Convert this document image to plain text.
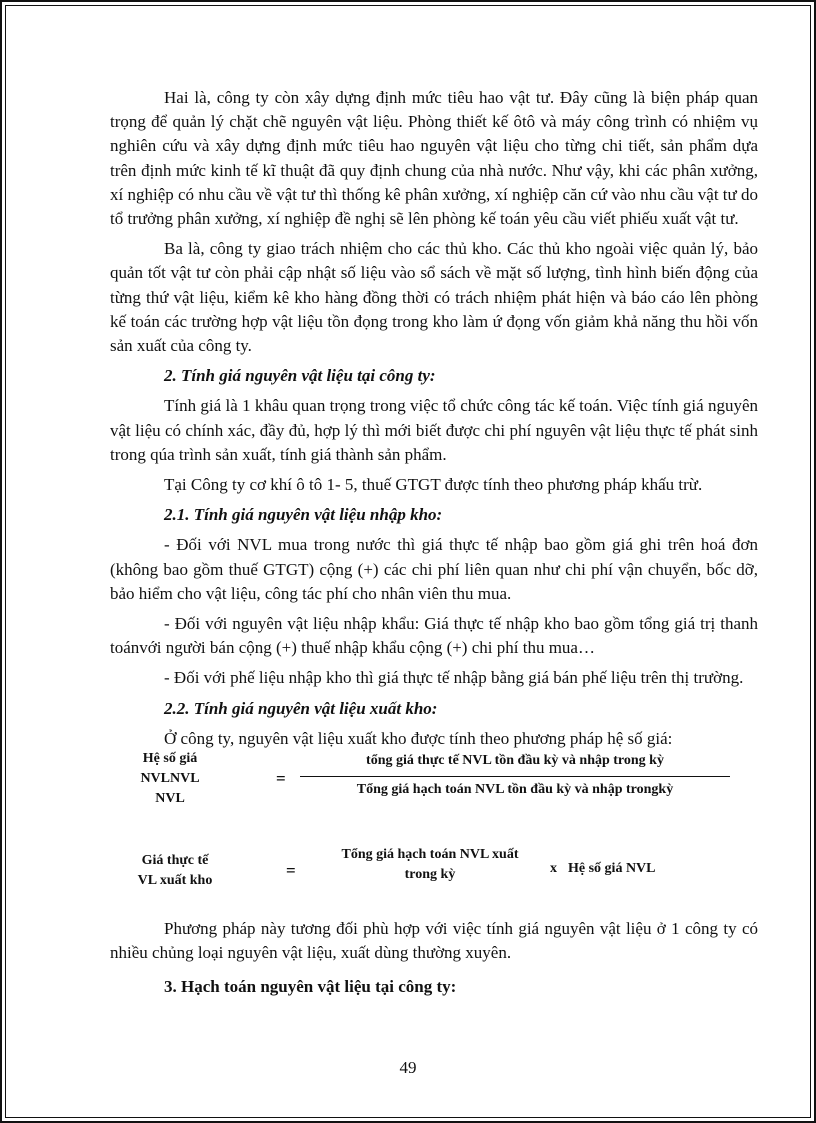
Hai là, công ty còn xây dựng định mức tiêu hao vật tư. Đây cũng là biện pháp quan trọng để quản lý chặt chẽ nguyên vật liệu. Phòng thiết kế ôtô và máy công trình có nhiệm vụ nghiên cứu và xây dựng định mức tiêu hao nguyên vật liệu cho từng chi tiết, sản phẩm dựa trên định mức kinh tế kĩ thuật đã quy định chung của nhà nước. Như vậy, khi các phân xưởng, xí nghiệp có nhu cầu về vật tư thì thống kê phân xưởng, xí nghiệp căn cứ vào nhu cầu vật tư do tổ trưởng phân xưởng, xí nghiệp đề nghị sẽ lên phòng kế toán yêu cầu viết phiếu xuất vật tư.

Ba là, công ty giao trách nhiệm cho các thủ kho. Các thủ kho ngoài việc quản lý, bảo quản tốt vật tư còn phải cập nhật số liệu vào sổ sách về mặt số lượng, tình hình biến động của từng thứ vật liệu, kiểm kê kho hàng đồng thời có trách nhiệm phát hiện và báo cáo lên phòng kế toán các trường hợp vật liệu tồn đọng trong kho làm ứ đọng vốn giảm khả năng thu hồi vốn sản xuất của công ty.

2. Tính giá nguyên vật liệu tại công ty:

Tính giá là 1 khâu quan trọng trong việc tổ chức công tác kế toán. Việc tính giá nguyên vật liệu có chính xác, đầy đủ, hợp lý thì mới biết được chi phí nguyên vật liệu thực tế phát sinh trong qúa trình sản xuất, tính giá thành sản phẩm.

Tại Công ty cơ khí ô tô 1- 5, thuế GTGT được tính theo phương pháp khấu trừ.

2.1. Tính giá nguyên vật liệu nhập kho:

- Đối với NVL mua trong nước thì giá thực tế nhập bao gồm giá ghi trên hoá đơn (không bao gồm thuế GTGT) cộng (+) các chi phí liên quan như chi phí vận chuyển, bốc dỡ, bảo hiểm cho vật liệu, công tác phí cho nhân viên thu mua.

- Đối với nguyên vật liệu nhập khẩu: Giá thực tế nhập kho bao gồm tổng giá trị thanh toánvới người bán cộng (+) thuế nhập khẩu cộng (+) chi phí thu mua…

- Đối với phế liệu nhập kho thì giá thực tế nhập bằng giá bán phế liệu trên thị trường.

2.2. Tính giá nguyên vật liệu xuất kho:

Ở công ty, nguyên vật liệu xuất kho được tính theo phương pháp hệ số giá:

Hệ số giá
NVLNVL
NVL
=
tổng giá thực tế NVL tồn đầu kỳ và nhập trong kỳ
Tổng giá hạch toán NVL tồn đầu kỳ và nhập trongkỳ
Giá thực tế
VL xuất kho
=
Tổng giá hạch toán NVL xuất
trong kỳ	x Hệ số giá NVL

Phương pháp này tương đối phù hợp với việc tính giá nguyên vật liệu ở 1 công ty có nhiều chủng loại nguyên vật liệu, xuất dùng thường xuyên.

3. Hạch toán nguyên vật liệu tại công ty:
49
